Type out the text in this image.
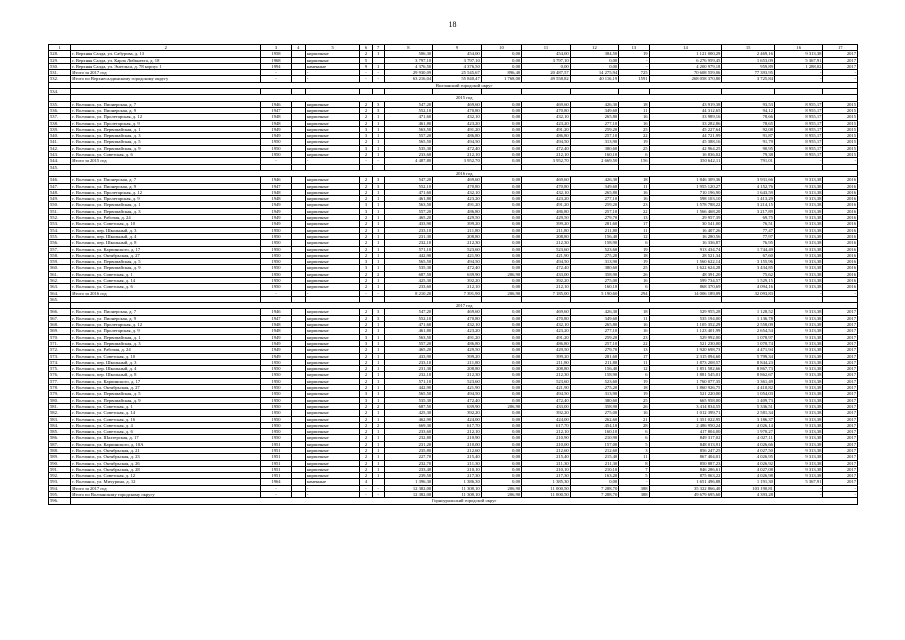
18
1	2	3	4	5	6	7	8	9	10	11	12	13	14	15	16	17
528.	г. Верхняя Салда, ул. Сабурова, д. 13	1958		кирпичные	2	1	506,30	454,00	0,00	454,00	384,50	19	1 121 000,29	2 469,16	9 313,38	2017
529.	г. Верхняя Салда, ул. Карла Либкнехта, д. 18	1968		кирпичные	5		3 797,10	3 797,10	0,00	3 797,10	0,00	-	6 276 959,45	1 653,09	5 367,91	2017
530.	г. Верхняя Салда, ул. Энгельса, д. 78 корпус 1	1994		каменные	9	1	4 376,50	4 376,50	0,00	0,00	0,00	-	4 200 979,18	959,89	1 288,02	2017
531.	Итого за 2017 год	-		-	-	-	29 930,09	25 545,67	896,40	20 487,57	14 275,94	725	70 608 559,06	77 393,95	-	-
532.	Итого по Верхнесалдинскому городскому округу	-		-	-	-	63 216,04	55 840,47	1 768,00	49 558,82	40 116,19	1591	268 058 370,80	3 725,84	-	-
	Волчанский городской округ															
534.																
	2015 год															
535.	г. Волчанск, ул. Пионерская, д. 7	1946		кирпичные	2	3	547,20	469,60	0,00	469,60	426,30	18	43 919,38	93,53	8 955,17	2015
536.	г. Волчанск, ул. Пионерская, д. 9	1947		кирпичные	2	3	552,10	470,80	0,00	470,80	349,60	11	44 312,65	94,12	8 955,17	2015
537.	г. Волчанск, ул. Пролетарская, д. 12	1948		кирпичные	2	1	471,60	432,10	0,00	432,10	265,80	16	33 989,16	78,66	8 955,17	2015
538.	г. Волчанск, ул. Пролетарская, д. 9	1948		кирпичные	2	1	461,80	423,20	0,00	423,20	277,10	16	33 282,86	78,65	8 955,17	2015
539.	г. Волчанск, ул. Первомайская, д. 1	1949		кирпичные	3	1	563,50	491,20	0,00	491,20	259,20	25	45 227,64	92,08	8 955,17	2015
540.	г. Волчанск, ул. Первомайская, д. 3	1949		кирпичные	3	1	557,20	486,80	0,00	486,80	257,10	22	44 721,99	91,87	8 955,17	2015
541.	г. Волчанск, ул. Первомайская, д. 5	1950		кирпичные	2	1	565,50	494,50	0,00	494,50	313,90	19	45 388,16	91,79	8 955,17	2015
542.	г. Волчанск, ул. Первомайская, д. 9	1950		кирпичные	3	1	535,30	472,40	0,00	472,40	380,60	25	42 964,25	90,95	8 955,17	2015
543.	г. Волчанск, ул. Советская, д. 6	1950		кирпичные	2	1	233,60	212,10	0,00	212,10	160,10	6	16 836,02	79,38	8 955,17	2015
544.	Итого за 2015 год	-		-	-	-	4 487,80	3 952,70	0,00	3 952,70	2 669,50	156	350 642,11	791,01	-	-
545.																
	2016 год															
546.	г. Волчанск, ул. Пионерская, д. 7	1946		кирпичные	2	3	547,20	469,60	0,00	469,60	426,30	18	1 846 309,36	3 931,66	9 313,38	2016
547.	г. Волчанск, ул. Пионерская, д. 9	1947		кирпичные	2	3	552,10	470,80	0,00	470,80	349,60	11	1 955 120,27	4 152,76	9 313,38	2016
548.	г. Волчанск, ул. Пролетарская, д. 12	1948		кирпичные	2	1	471,60	432,10	0,00	432,10	265,80	16	710 196,90	1 643,59	9 313,38	2016
549.	г. Волчанск, ул. Пролетарская, д. 9	1948		кирпичные	2	1	461,80	423,20	0,00	423,20	277,10	16	598 103,10	1 413,29	9 313,38	2016
550.	г. Волчанск, ул. Первомайская, д. 1	1949		кирпичные	3	1	563,50	491,20	0,00	491,20	259,20	23	1 578 788,22	3 214,15	9 313,38	2016
551.	г. Волчанск, ул. Первомайская, д. 3	1949		кирпичные	3	1	557,20	486,80	0,00	486,80	257,10	22	1 566 468,20	3 217,89	9 313,38	2016
552.	г. Волчанск, ул. Рабочая, д. 24	1949		кирпичные	2	1	465,20	429,50	0,00	429,50	279,70	13	29 957,39	69,75	9 313,38	2016
553.	г. Волчанск, ул. Советская, д. 10	1949		кирпичные	2	1	433,90	399,20	0,00	399,20	281,60	17	30 541,00	76,51	9 313,38	2016
554.	г. Волчанск, пер. Школьный, д. 3	1950		кирпичные	2	1	233,10	211,80	0,00	211,80	211,80	11	16 407,26	77,47	9 313,38	2016
555.	г. Волчанск, пер. Школьный, д. 4	1950		кирпичные	2	1	231,30	208,80	0,00	208,80	156,40	12	16 280,56	77,97	9 313,38	2016
556.	г. Волчанск, пер. Школьный, д. 8	1950		кирпичные	2	1	232,10	212,30	0,00	212,30	158,90	6	16 336,87	76,95	9 313,38	2016
557.	г. Волчанск, ул. Карпинского, д. 17	1950		кирпичные	2	1	571,10	523,60	0,00	523,60	523,60	19	913 434,74	1 744,49	9 313,38	2016
558.	г. Волчанск, ул. Октябрьская, д. 27	1950		кирпичные	2	1	442,90	421,90	0,00	421,90	275,20	18	28 521,34	67,60	9 313,38	2016
559.	г. Волчанск, ул. Первомайская, д. 5	1950		кирпичные	3	1	565,50	494,50	0,00	494,50	313,90	19	1 560 622,14	3 155,96	9 313,38	2016
560.	г. Волчанск, ул. Первомайская, д. 9	1950		кирпичные	3	1	535,30	472,40	0,00	472,40	380,60	25	1 622 624,28	3 434,85	9 313,38	2016
561.	г. Волчанск, ул. Советская, д. 1	1950		кирпичные	2	2	687,50	639,90	206,90	433,00	358,90	26	48 391,20	75,62	9 313,38	2016
562.	г. Волчанск, ул. Советская, д. 14	1950		кирпичные	2	1	425,30	392,20	0,00	392,20	275,00	16	599 734,57	1 529,15	9 313,38	2016
563.	г. Волчанск, ул. Советская, д. 6	1950		кирпичные	2	1	233,60	212,10	0,00	212,10	160,10	6	868 370,69	4 094,16	9 313,38	2016
564.	Итого за 2016 год	-		-	-	-	8 210,20	7 391,90	206,90	7 185,00	5 190,60	294	14 006 189,09	32 093,83	-	-
565.																
	2017 год															
566.	г. Волчанск, ул. Пионерская, д. 7	1946		кирпичные	2	3	547,20	469,60	0,00	469,60	426,30	18	529 955,28	1 128,52	9 313,38	2017
567.	г. Волчанск, ул. Пионерская, д. 9	1947		кирпичные	2	3	552,10	470,80	0,00	470,80	349,60	11	535 194,00	1 136,78	9 313,38	2017
568.	г. Волчанск, ул. Пролетарская, д. 12	1948		кирпичные	2	1	471,60	432,10	0,00	432,10	265,80	16	1 105 352,29	2 558,09	9 313,38	2017
569.	г. Волчанск, ул. Пролетарская, д. 9	1948		кирпичные	2	1	461,80	423,20	0,00	423,20	277,10	16	1 123 401,99	2 654,54	9 313,38	2017
570.	г. Волчанск, ул. Первомайская, д. 1	1949		кирпичные	3	1	563,50	491,20	0,00	491,20	259,20	23	529 992,00	1 078,97	9 313,38	2017
571.	г. Волчанск, ул. Первомайская, д. 3	1949		кирпичные	3	1	557,20	486,80	0,00	486,80	257,10	22	521 230,00	1 070,74	9 313,38	2017
572.	г. Волчанск, ул. Рабочая, д. 24	1949		кирпичные	2	1	465,20	429,50	0,00	429,50	279,70	13	1 920 698,73	4 471,94	9 313,38	2017
573.	г. Волчанск, ул. Советская, д. 10	1949		кирпичные	2	1	433,90	399,20	0,00	399,20	281,60	17	2 315 094,60	5 799,34	9 313,38	2017
574.	г. Волчанск, пер. Школьный, д. 3	1950		кирпичные	2	1	233,10	211,80	0,00	211,80	211,80	11	1 873 208,57	8 844,23	9 313,38	2017
575.	г. Волчанск, пер. Школьный, д. 4	1950		кирпичные	2	1	231,30	208,80	0,00	208,80	156,40	12	1 851 582,66	8 867,73	9 313,38	2017
576.	г. Волчанск, пер. Школьный, д. 8	1950		кирпичные	2	1	232,10	212,30	0,00	212,30	158,90	6	1 881 545,01	8 862,67	9 313,38	2017
577.	г. Волчанск, ул. Карпинского, д. 17	1950		кирпичные	2	1	571,10	523,60	0,00	523,60	523,60	19	1 760 077,35	3 361,49	9 313,38	2017
578.	г. Волчанск, ул. Октябрьская, д. 27	1950		кирпичные	2	1	442,90	421,90	0,00	421,90	275,20	18	1 860 926,75	4 410,82	9 313,38	2017
579.	г. Волчанск, ул. Первомайская, д. 5	1950		кирпичные	3	1	565,50	494,50	0,00	494,50	313,90	19	521 220,00	1 054,03	9 313,38	2017
580.	г. Волчанск, ул. Первомайская, д. 9	1950		кирпичные	3	1	535,30	472,40	0,00	472,40	380,60	25	665 958,00	1 409,73	9 313,38	2017
581.	г. Волчанск, ул. Советская, д. 1	1950		кирпичные	2	2	687,50	639,90	206,90	433,00	358,90	26	3 414 834,55	5 336,51	9 313,38	2017
582.	г. Волчанск, ул. Советская, д. 14	1950		кирпичные	2	1	425,30	392,20	0,00	392,20	275,00	16	1 012 399,71	2 581,34	9 313,38	2017
583.	г. Волчанск, ул. Советская, д. 16	1950		кирпичные	2	1	462,90	424,00	0,00	424,00	262,60	21	1 351 022,95	3 186,37	9 313,38	2017
584.	г. Волчанск, ул. Советская, д. 4	1950		кирпичные	2	2	669,30	617,70	0,00	617,70	454,10	28	2 486 950,24	4 026,14	9 313,38	2017
585.	г. Волчанск, ул. Советская, д. 6	1950		кирпичные	2	1	233,60	212,10	0,00	212,10	160,10	6	417 804,00	1 970,27	9 313,38	2017
586.	г. Волчанск, ул. Шахтерская, д. 17	1950		кирпичные	2	1	232,80	210,90	0,00	210,90	210,90	6	849 317,02	4 027,11	9 313,38	2017
587.	г. Волчанск, ул. Карпинского, д. 10А	1951		кирпичные	2	1	231,20	210,00	0,00	210,00	157,00	5	848 013,91	4 026,66	9 313,38	2017
588.	г. Волчанск, ул. Октябрьская, д. 21	1951		кирпичные	2	1	235,80	212,60	0,00	212,60	212,60	3	856 247,25	4 027,50	9 313,38	2017
589.	г. Волчанск, ул. Октябрьская, д. 23	1951		кирпичные	2	1	227,70	215,40	0,00	215,40	215,40	11	867 404,01	4 026,95	9 313,38	2017
590.	г. Волчанск, ул. Октябрьская, д. 26	1951		кирпичные	2	1	232,70	211,30	0,00	211,30	211,30	8	850 887,23	4 026,92	9 313,38	2017
591.	г. Волчанск, ул. Октябрьская, д. 28	1951		кирпичные	2	1	233,40	210,10	0,00	210,10	210,10	7	846 286,61	4 027,08	9 313,38	2017
592.	г. Волчанск, ул. Советская, д. 12	1951		кирпичные	2	1	239,50	217,30	0,00	217,30	163,20	5	875 063,22	4 026,98	9 313,38	2017
593.	г. Волчанск, ул. Мичурина, д. 12	1964		каменные	4		1 396,30	1 386,30	0,00	1 385,30	0,00	-	1 651 496,88	1 191,30	5 367,91	2017
594.	Итого за 2017 год	-		-	-	-	12 382,00	11 308,10	206,90	11 000,50	7 288,70	388	35 322 866,40	103 190,81	-	-
595.	Итого по Волчанскому городскому округу	-		-	-	-	12 382,00	11 308,10	206,90	11 000,50	7 288,70	388	49 679 695,60	4 393,28	-	-
596.	Горноуральский городской округ															
